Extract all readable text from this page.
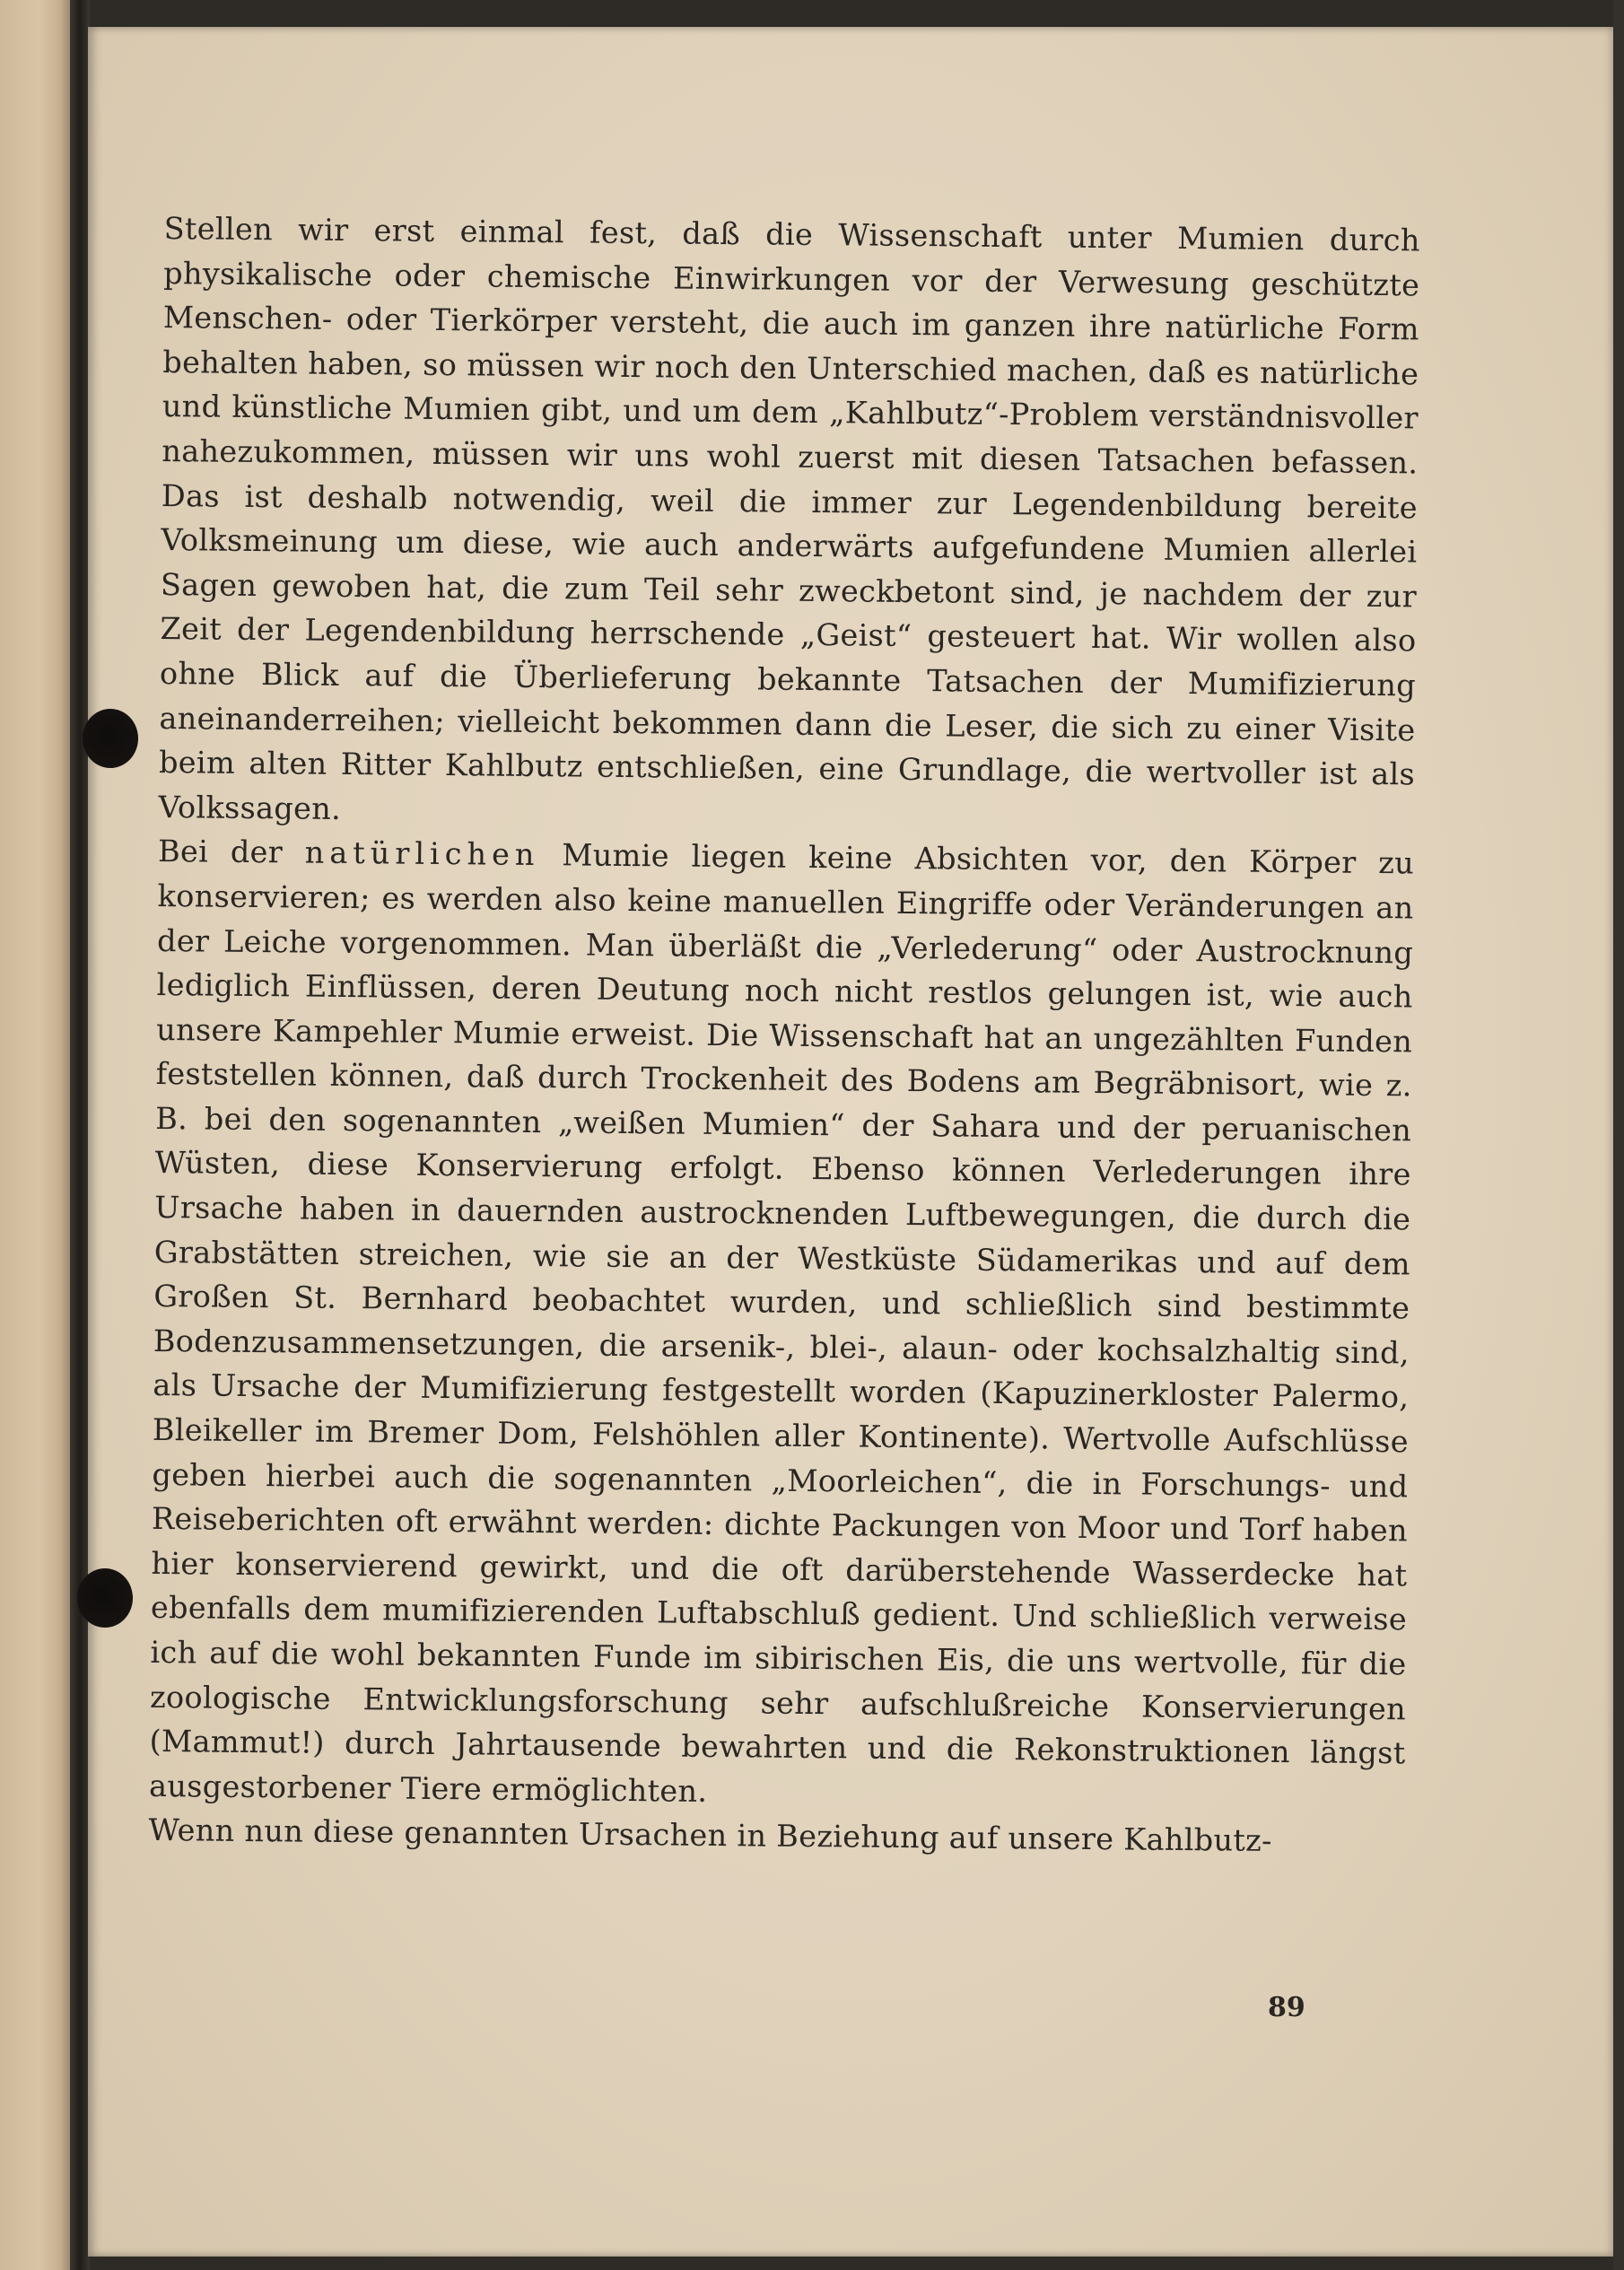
Stellen wir erst einmal fest, daß die Wissenschaft unter Mumien durch physikalische oder chemische Einwirkungen vor der Verwesung geschützte Menschen- oder Tierkörper versteht, die auch im ganzen ihre natürliche Form behalten haben, so müssen wir noch den Unterschied machen, daß es natürliche und künstliche Mumien gibt, und um dem „Kahlbutz“-Problem verständnisvoller nahezukommen, müssen wir uns wohl zuerst mit diesen Tatsachen befassen. Das ist deshalb notwendig, weil die immer zur Legendenbildung bereite Volksmeinung um diese, wie auch anderwärts aufgefundene Mumien allerlei Sagen gewoben hat, die zum Teil sehr zweckbetont sind, je nachdem der zur Zeit der Legendenbildung herrschende „Geist“ gesteuert hat. Wir wollen also ohne Blick auf die Überlieferung bekannte Tatsachen der Mumifizierung aneinanderreihen; vielleicht bekommen dann die Leser, die sich zu einer Visite beim alten Ritter Kahlbutz entschließen, eine Grundlage, die wertvoller ist als Volkssagen.

Bei der natürlichen Mumie liegen keine Absichten vor, den Körper zu konservieren; es werden also keine manuellen Eingriffe oder Veränderungen an der Leiche vorgenommen. Man überläßt die „Verlederung“ oder Austrocknung lediglich Einflüssen, deren Deutung noch nicht restlos gelungen ist, wie auch unsere Kampehler Mumie erweist. Die Wissenschaft hat an ungezählten Funden feststellen können, daß durch Trockenheit des Bodens am Begräbnisort, wie z. B. bei den sogenannten „weißen Mumien“ der Sahara und der peruanischen Wüsten, diese Konservierung erfolgt. Ebenso können Verlederungen ihre Ursache haben in dauernden austrocknenden Luftbewegungen, die durch die Grabstätten streichen, wie sie an der Westküste Südamerikas und auf dem Großen St. Bernhard beobachtet wurden, und schließlich sind bestimmte Bodenzusammensetzungen, die arsenik-, blei-, alaun- oder kochsalzhaltig sind, als Ursache der Mumifizierung festgestellt worden (Kapuzinerkloster Palermo, Bleikeller im Bremer Dom, Felshöhlen aller Kontinente). Wertvolle Aufschlüsse geben hierbei auch die sogenannten „Moorleichen“, die in Forschungs- und Reiseberichten oft erwähnt werden: dichte Packungen von Moor und Torf haben hier konservierend gewirkt, und die oft darüberstehende Wasserdecke hat ebenfalls dem mumifizierenden Luftabschluß gedient. Und schließlich verweise ich auf die wohl bekannten Funde im sibirischen Eis, die uns wertvolle, für die zoologische Entwicklungsforschung sehr aufschlußreiche Konservierungen (Mammut!) durch Jahrtausende bewahrten und die Rekonstruktionen längst ausgestorbener Tiere ermöglichten.

Wenn nun diese genannten Ursachen in Beziehung auf unsere Kahlbutz-

89
